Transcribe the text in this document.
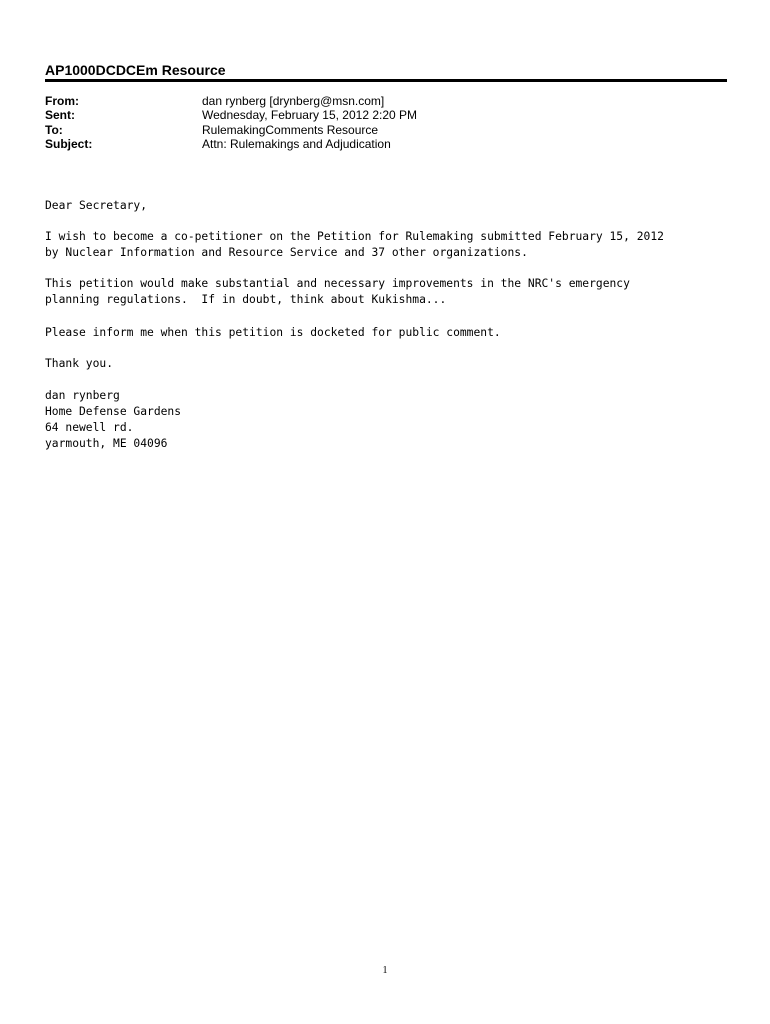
AP1000DCDCEm Resource
From:	dan rynberg [drynberg@msn.com]
Sent:	Wednesday, February 15, 2012 2:20 PM
To:	RulemakingComments Resource
Subject:	Attn: Rulemakings and Adjudication
Dear Secretary,
I wish to become a co-petitioner on the Petition for Rulemaking submitted February 15, 2012
by Nuclear Information and Resource Service and 37 other organizations.
This petition would make substantial and necessary improvements in the NRC's emergency
planning regulations.  If in doubt, think about Kukishma...
Please inform me when this petition is docketed for public comment.
Thank you.
dan rynberg
Home Defense Gardens
64 newell rd.
yarmouth, ME 04096
1
